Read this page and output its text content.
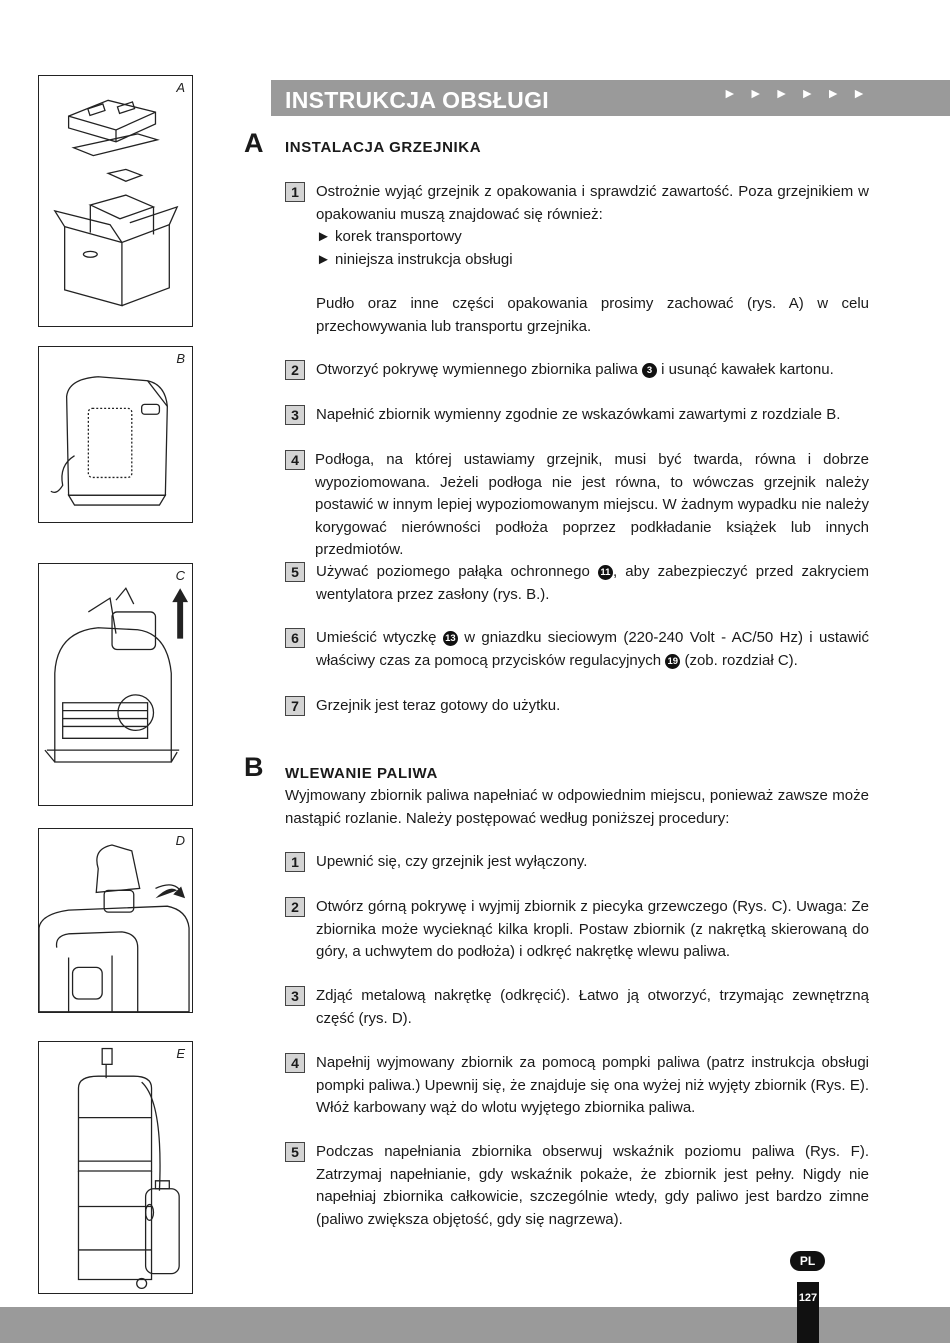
INSTRUKCJA OBSŁUGI	►►►►►►
A
B
C
D
E
A INSTALACJA GRZEJNIKA
1	Ostrożnie wyjąć grzejnik z opakowania i sprawdzić zawartość. Poza grzejnikiem w opakowaniu muszą znajdować się również:
► korek transportowy
► niniejsza instrukcja obsługi
Pudło oraz inne części opakowania prosimy zachować (rys. A) w celu przechowywania lub transportu grzejnika.
2	Otworzyć pokrywę wymiennego zbiornika paliwa 3 i usunąć kawałek kartonu.
3	Napełnić zbiornik wymienny zgodnie ze wskazówkami zawartymi z rozdziale B.
4	Podłoga, na której ustawiamy grzejnik, musi być twarda, równa i dobrze wypoziomowana. Jeżeli podłoga nie jest równa, to wówczas grzejnik należy postawić w innym lepiej wypoziomowanym miejscu. W żadnym wypadku nie należy korygować nierówności podłoża poprzez podkładanie książek lub innych przedmiotów.
5	Używać poziomego pałąka ochronnego 11 , aby zabezpieczyć przed zakryciem wentylatora przez zasłony (rys. B.).
6	Umieścić wtyczkę 13 w gniazdku sieciowym (220-240 Volt - AC/50 Hz) i ustawić właściwy czas za pomocą przycisków regulacyjnych 19 (zob. rozdział C).
7	Grzejnik jest teraz gotowy do użytku.
B WLEWANIE PALIWA
Wyjmowany zbiornik paliwa napełniać w odpowiednim miejscu, ponieważ zawsze może nastąpić rozlanie. Należy postępować według poniższej procedury:
1	Upewnić się, czy grzejnik jest wyłączony.
2	Otwórz górną pokrywę i wyjmij zbiornik z piecyka grzewczego (Rys. C). Uwaga: Ze zbiornika może wycieknąć kilka kropli. Postaw zbiornik (z nakrętką skierowaną do góry, a uchwytem do podłoża) i odkręć nakrętkę wlewu paliwa.
3	Zdjąć metalową nakrętkę (odkręcić). Łatwo ją otworzyć, trzymając zewnętrzną część (rys. D).
4	Napełnij wyjmowany zbiornik za pomocą pompki paliwa (patrz instrukcja obsługi pompki paliwa.) Upewnij się, że znajduje się ona wyżej niż wyjęty zbiornik (Rys. E). Włóż karbowany wąż do wlotu wyjętego zbiornika paliwa.
5	Podczas napełniania zbiornika obserwuj wskaźnik poziomu paliwa (Rys. F). Zatrzymaj napełnianie, gdy wskaźnik pokaże, że zbiornik jest pełny. Nigdy nie napełniaj zbiornika całkowicie, szczególnie wtedy, gdy paliwo jest bardzo zimne (paliwo zwiększa objętość, gdy się nagrzewa).
PL
127
